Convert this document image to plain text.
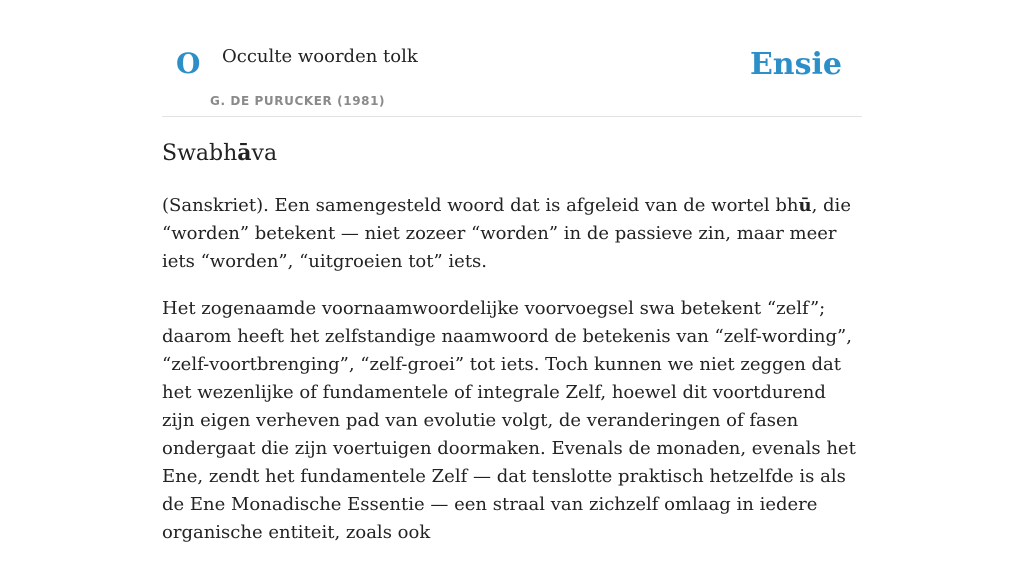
O Occulte woorden tolk
G. DE PURUCKER (1981)
Ensie
Swabhāva

(Sanskriet). Een samengesteld woord dat is afgeleid van de wortel bhū, die “worden” betekent — niet zozeer “worden” in de passieve zin, maar meer iets “worden”, “uitgroeien tot” iets.

Het zogenaamde voornaamwoordelijke voorvoegsel swa betekent “zelf”; daarom heeft het zelfstandige naamwoord de betekenis van “zelf-wording”, “zelf-voortbrenging”, “zelf-groei” tot iets. Toch kunnen we niet zeggen dat het wezenlijke of fundamentele of integrale Zelf, hoewel dit voortdurend zijn eigen verheven pad van evolutie volgt, de veranderingen of fasen ondergaat die zijn voertuigen doormaken. Evenals de monaden, evenals het Ene, zendt het fundamentele Zelf — dat tenslotte praktisch hetzelfde is als de Ene Monadische Essentie — een straal van zichzelf omlaag in iedere organische entiteit, zoals ook
